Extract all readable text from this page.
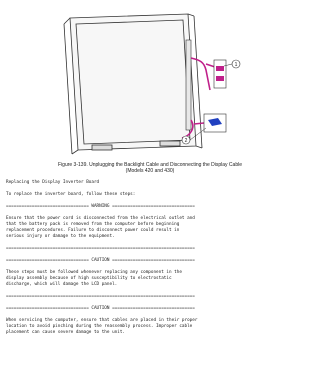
1
2
Figure 3-139. Unplugging the Backlight Cable and Disconnecting the Display Cable
(Models 420 and 430)
Replacing the Display Inverter Board
To replace the inverter board, follow these steps:
================================ WARNING ================================
Ensure that the power cord is disconnected from the electrical outlet and
that the battery pack is removed from the computer before beginning
replacement procedures. Failure to disconnect power could result in
serious injury or damage to the equipment.
=========================================================================
================================ CAUTION ================================
These steps must be followed whenever replacing any component in the
display assembly because of high susceptibility to electrostatic
discharge, which will damage the LCD panel.
=========================================================================
================================ CAUTION ================================
When servicing the computer, ensure that cables are placed in their proper
location to avoid pinching during the reassembly process. Improper cable
placement can cause severe damage to the unit.
